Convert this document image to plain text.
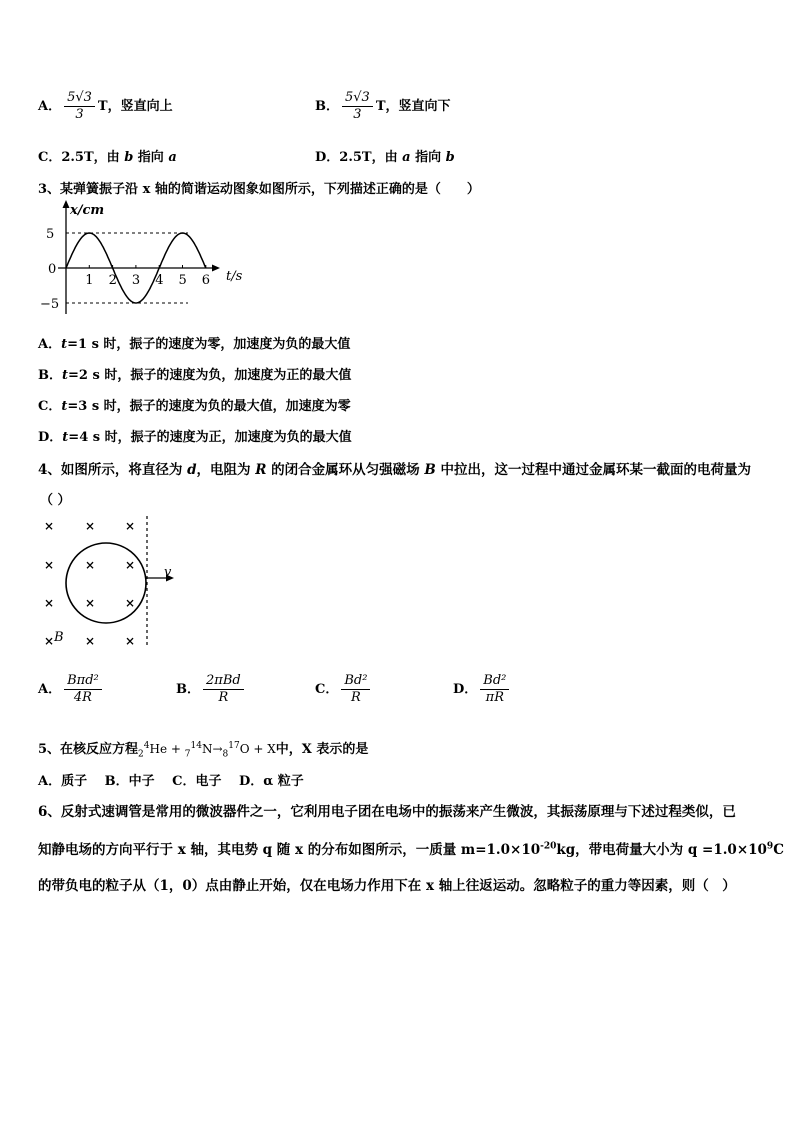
A． $\frac{5√3}{3}$ T，竖直向上	B． $\frac{5√3}{3}$ T，竖直向下
C．2.5T，由 b 指向 a	D．2.5T，由 a 指向 b
3、某弹簧振子沿 x 轴的简谐运动图象如图所示，下列描述正确的是（　　）
x/cm
t/s
5
0
−5
1 2 3 4 5 6
A．t=1 s 时，振子的速度为零，加速度为负的最大值
B．t=2 s 时，振子的速度为负，加速度为正的最大值
C．t=3 s 时，振子的速度为负的最大值，加速度为零
D．t=4 s 时，振子的速度为正，加速度为负的最大值
4、如图所示，将直径为 d，电阻为 R 的闭合金属环从匀强磁场 B 中拉出，这一过程中通过金属环某一截面的电荷量为
（ ）
×	× ×
×	× ×
×	× ×
×	× ×
v
B
A． $\frac{\text{Bπd²}}{4R}$	B． $\frac{\text{2πBd}}{R}$	C． $\frac{\text{Bd²}}{R}$	D． $\frac{\text{Bd²}}{\pi R}$
5、在核反应方程$_2^4He + _7^{14}N\to_8^{17}O + X$中，X 表示的是
A．质子　 B．中子　 C．电子　 D．α 粒子
6、反射式速调管是常用的微波器件之一，它利用电子团在电场中的振荡来产生微波，其振荡原理与下述过程类似，已
知静电场的方向平行于 x 轴，其电势 q 随 x 的分布如图所示，一质量 $m=1.0\times 10^{-20}kg$，带电荷量大小为 $q =1.0\times 10^9C$
的带负电的粒子从（1，0）点由静止开始，仅在电场力作用下在 x 轴上往返运动。忽略粒子的重力等因素，则（　）
